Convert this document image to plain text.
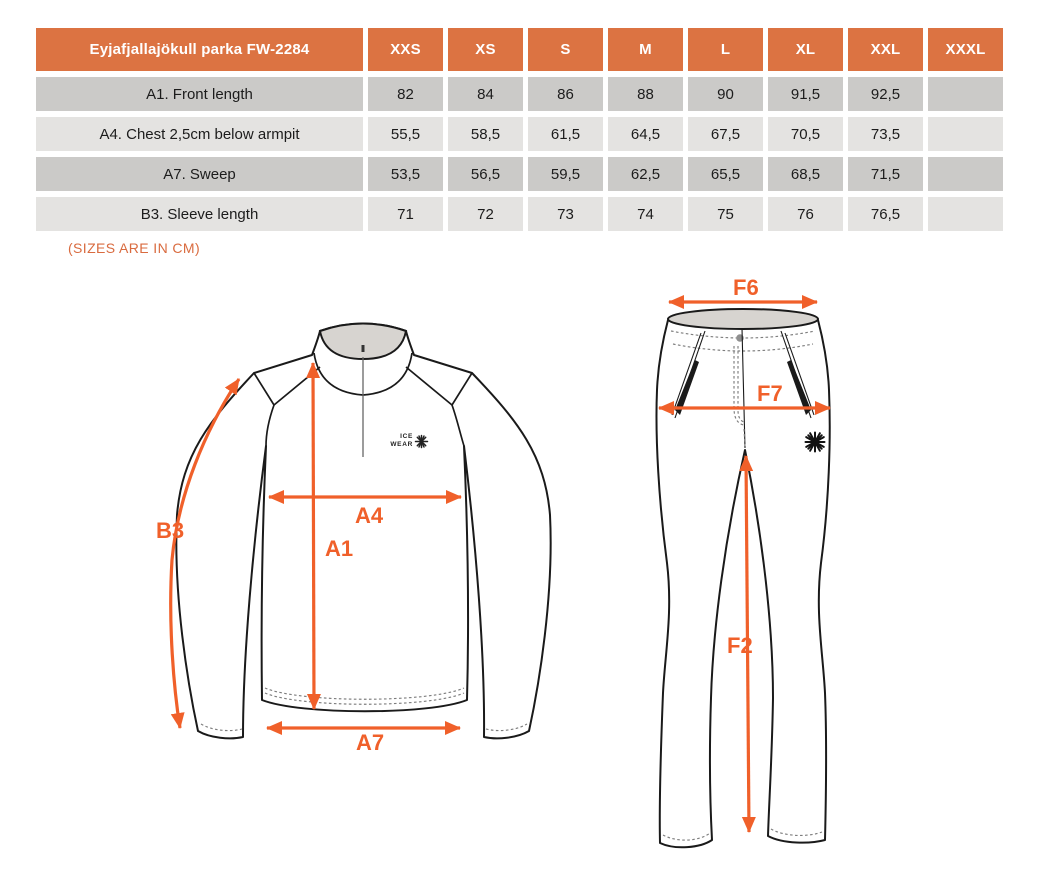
Eyjafjallajökull parka FW-2284	XXS	XS	S	M	L	XL	XXL	XXXL
A1. Front length	82	84	86	88	90	91,5	92,5	
A4. Chest 2,5cm below armpit	55,5	58,5	61,5	64,5	67,5	70,5	73,5	
A7. Sweep	53,5	56,5	59,5	62,5	65,5	68,5	71,5	
B3. Sleeve length	71	72	73	74	75	76	76,5	
(SIZES ARE IN CM)
ICE
WEAR
B3
A4
A1
A7
F6
F7
F2
